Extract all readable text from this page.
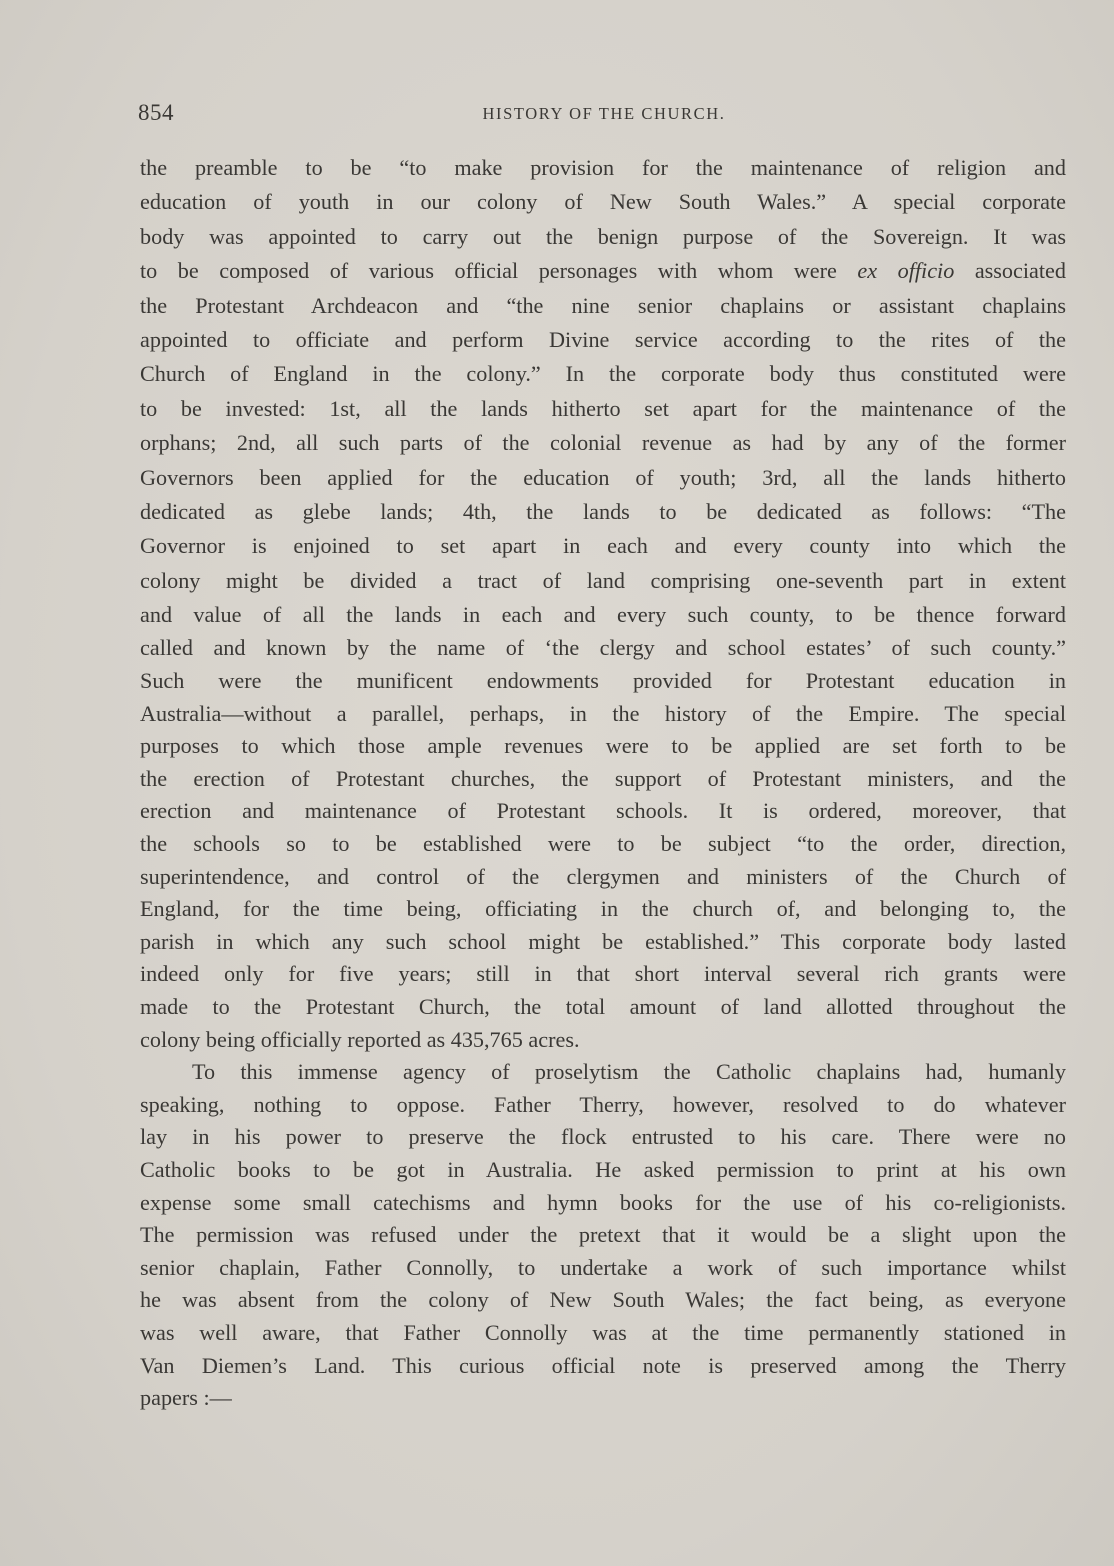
854	HISTORY OF THE CHURCH.
the preamble to be “to make provision for the maintenance of religion and
education of youth in our colony of New South Wales.” A special corporate
body was appointed to carry out the benign purpose of the Sovereign. It was
to be composed of various official personages with whom were ex officio associated
the Protestant Archdeacon and “the nine senior chaplains or assistant chaplains
appointed to officiate and perform Divine service according to the rites of the
Church of England in the colony.” In the corporate body thus constituted were
to be invested: 1st, all the lands hitherto set apart for the maintenance of the
orphans; 2nd, all such parts of the colonial revenue as had by any of the former
Governors been applied for the education of youth; 3rd, all the lands hitherto
dedicated as glebe lands; 4th, the lands to be dedicated as follows: “The
Governor is enjoined to set apart in each and every county into which the
colony might be divided a tract of land comprising one-seventh part in extent
and value of all the lands in each and every such county, to be thence forward
called and known by the name of ‘the clergy and school estates’ of such county.”
Such were the munificent endowments provided for Protestant education in
Australia—without a parallel, perhaps, in the history of the Empire. The special
purposes to which those ample revenues were to be applied are set forth to be
the erection of Protestant churches, the support of Protestant ministers, and the
erection and maintenance of Protestant schools. It is ordered, moreover, that
the schools so to be established were to be subject “to the order, direction,
superintendence, and control of the clergymen and ministers of the Church of
England, for the time being, officiating in the church of, and belonging to, the
parish in which any such school might be established.” This corporate body lasted
indeed only for five years; still in that short interval several rich grants were
made to the Protestant Church, the total amount of land allotted throughout the
colony being officially reported as 435,765 acres.
To this immense agency of proselytism the Catholic chaplains had, humanly
speaking, nothing to oppose. Father Therry, however, resolved to do whatever
lay in his power to preserve the flock entrusted to his care. There were no
Catholic books to be got in Australia. He asked permission to print at his own
expense some small catechisms and hymn books for the use of his co-religionists.
The permission was refused under the pretext that it would be a slight upon the
senior chaplain, Father Connolly, to undertake a work of such importance whilst
he was absent from the colony of New South Wales; the fact being, as everyone
was well aware, that Father Connolly was at the time permanently stationed in
Van Diemen’s Land. This curious official note is preserved among the Therry
papers :—
